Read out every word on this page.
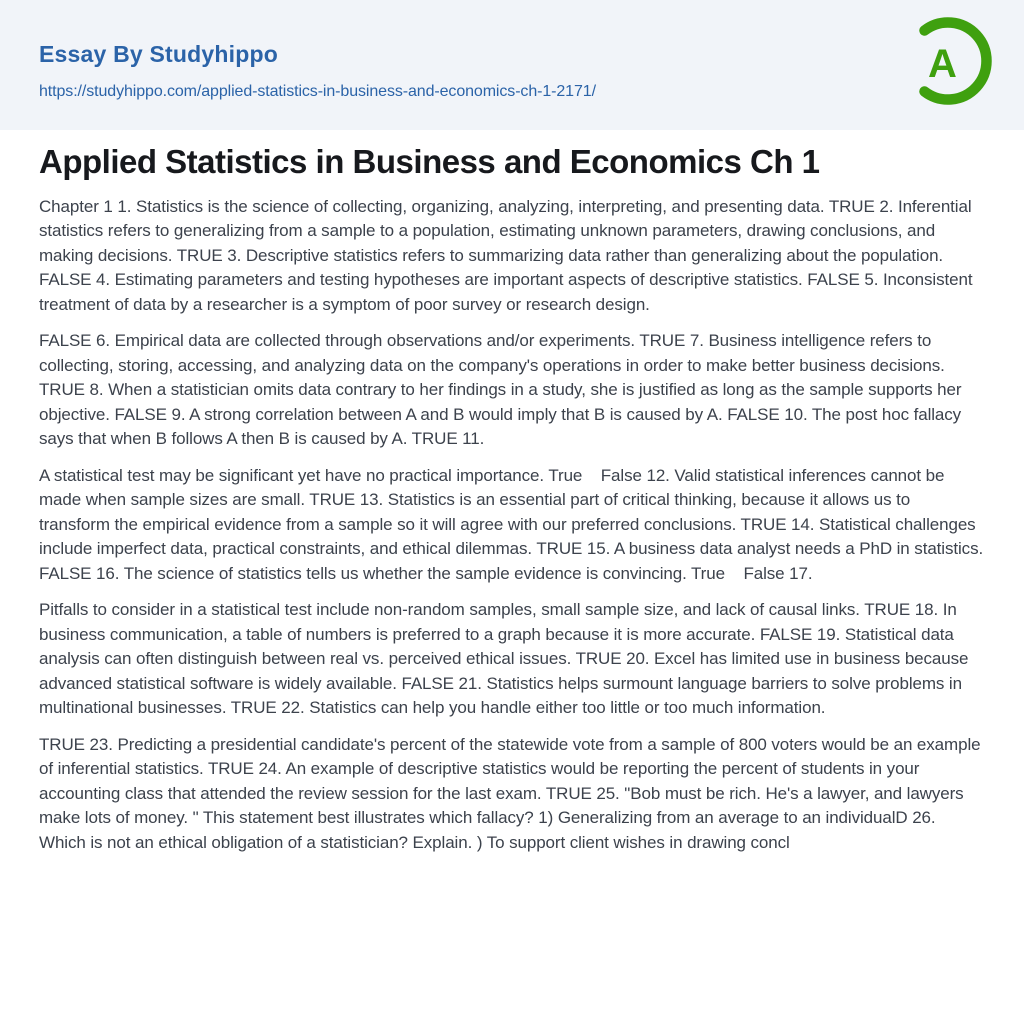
Essay By Studyhippo
https://studyhippo.com/applied-statistics-in-business-and-economics-ch-1-2171/
A
Applied Statistics in Business and Economics Ch 1

Chapter 1 1. Statistics is the science of collecting, organizing, analyzing, interpreting, and presenting data. TRUE 2. Inferential statistics refers to generalizing from a sample to a population, estimating unknown parameters, drawing conclusions, and making decisions. TRUE 3. Descriptive statistics refers to summarizing data rather than generalizing about the population. FALSE 4. Estimating parameters and testing hypotheses are important aspects of descriptive statistics. FALSE 5. Inconsistent treatment of data by a researcher is a symptom of poor survey or research design.

FALSE 6. Empirical data are collected through observations and/or experiments. TRUE 7. Business intelligence refers to collecting, storing, accessing, and analyzing data on the company's operations in order to make better business decisions. TRUE 8. When a statistician omits data contrary to her findings in a study, she is justified as long as the sample supports her objective. FALSE 9. A strong correlation between A and B would imply that B is caused by A. FALSE 10. The post hoc fallacy says that when B follows A then B is caused by A. TRUE 11.

A statistical test may be significant yet have no practical importance. True    False 12. Valid statistical inferences cannot be made when sample sizes are small. TRUE 13. Statistics is an essential part of critical thinking, because it allows us to transform the empirical evidence from a sample so it will agree with our preferred conclusions. TRUE 14. Statistical challenges include imperfect data, practical constraints, and ethical dilemmas. TRUE 15. A business data analyst needs a PhD in statistics. FALSE 16. The science of statistics tells us whether the sample evidence is convincing. True    False 17.

Pitfalls to consider in a statistical test include non-random samples, small sample size, and lack of causal links. TRUE 18. In business communication, a table of numbers is preferred to a graph because it is more accurate. FALSE 19. Statistical data analysis can often distinguish between real vs. perceived ethical issues. TRUE 20. Excel has limited use in business because advanced statistical software is widely available. FALSE 21. Statistics helps surmount language barriers to solve problems in multinational businesses. TRUE 22. Statistics can help you handle either too little or too much information.

TRUE 23. Predicting a presidential candidate's percent of the statewide vote from a sample of 800 voters would be an example of inferential statistics. TRUE 24. An example of descriptive statistics would be reporting the percent of students in your accounting class that attended the review session for the last exam. TRUE 25. "Bob must be rich. He's a lawyer, and lawyers make lots of money. " This statement best illustrates which fallacy? 1) Generalizing from an average to an individualD 26. Which is not an ethical obligation of a statistician? Explain. ) To support client wishes in drawing concl
